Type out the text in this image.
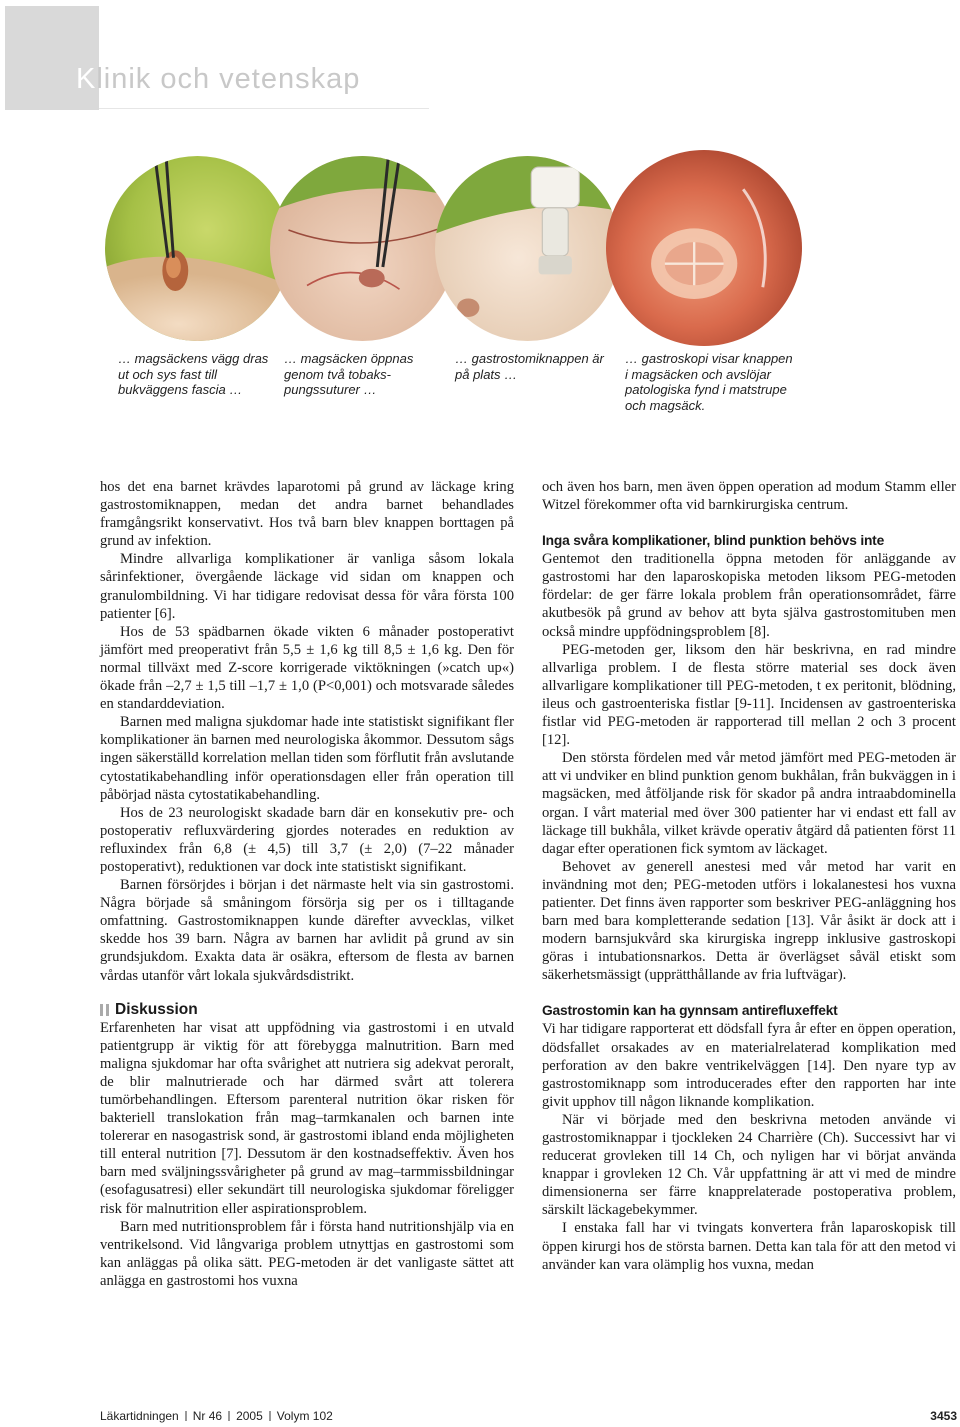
Klinik och vetenskap
… magsäckens vägg dras ut och sys fast till bukväggens fascia …
… magsäcken öppnas genom två tobaks-pungssuturer …
… gastrostomiknappen är på plats …
… gastroskopi visar knappen i magsäcken och avslöjar patologiska fynd i matstrupe och magsäck.

hos det ena barnet krävdes laparotomi på grund av läckage kring gastrostomiknappen, medan det andra barnet behandlades framgångsrikt konservativt. Hos två barn blev knappen borttagen på grund av infektion.

Mindre allvarliga komplikationer är vanliga såsom lokala sårinfektioner, övergående läckage vid sidan om knappen och granulombildning. Vi har tidigare redovisat dessa för våra första 100 patienter [6].

Hos de 53 spädbarnen ökade vikten 6 månader postoperativt jämfört med preoperativt från 5,5 ± 1,6 kg till 8,5 ± 1,6 kg. Den för normal tillväxt med Z-score korrigerade viktökningen (»catch up«) ökade från –2,7 ± 1,5 till –1,7 ± 1,0 (P<0,001) och motsvarade således en standarddeviation.

Barnen med maligna sjukdomar hade inte statistiskt signifikant fler komplikationer än barnen med neurologiska åkommor. Dessutom sågs ingen säkerställd korrelation mellan tiden som förflutit från avslutande cytostatikabehandling inför operationsdagen eller från operation till påbörjad nästa cytostatikabehandling.

Hos de 23 neurologiskt skadade barn där en konsekutiv pre- och postoperativ refluxvärdering gjordes noterades en reduktion av refluxindex från 6,8 (± 4,5) till 3,7 (± 2,0) (7–22 månader postoperativt), reduktionen var dock inte statistiskt signifikant.

Barnen försörjdes i början i det närmaste helt via sin gastrostomi. Några började så småningom försörja sig per os i tilltagande omfattning. Gastrostomiknappen kunde därefter avvecklas, vilket skedde hos 39 barn. Några av barnen har avlidit på grund av sin grundsjukdom. Exakta data är osäkra, eftersom de flesta av barnen vårdas utanför vårt lokala sjukvårdsdistrikt.

Diskussion

Erfarenheten har visat att uppfödning via gastrostomi i en utvald patientgrupp är viktig för att förebygga malnutrition. Barn med maligna sjukdomar har ofta svårighet att nutriera sig adekvat peroralt, de blir malnutrierade och har därmed svårt att tolerera tumörbehandlingen. Eftersom parenteral nutrition ökar risken för bakteriell translokation från mag–tarmkanalen och barnen inte tolererar en nasogastrisk sond, är gastrostomi ibland enda möjligheten till enteral nutrition [7]. Dessutom är den kostnadseffektiv. Även hos barn med sväljningssvårigheter på grund av mag–tarmmissbildningar (esofagusatresi) eller sekundärt till neurologiska sjukdomar föreligger risk för malnutrition eller aspirationsproblem.

Barn med nutritionsproblem får i första hand nutritionshjälp via en ventrikelsond. Vid långvariga problem utnyttjas en gastrostomi som kan anläggas på olika sätt. PEG-metoden är det vanligaste sättet att anlägga en gastrostomi hos vuxna

och även hos barn, men även öppen operation ad modum Stamm eller Witzel förekommer ofta vid barnkirurgiska centrum.

Inga svåra komplikationer, blind punktion behövs inte

Gentemot den traditionella öppna metoden för anläggande av gastrostomi har den laparoskopiska metoden liksom PEG-metoden fördelar: de ger färre lokala problem från operationsområdet, färre akutbesök på grund av behov att byta själva gastrostomituben men också mindre uppfödningsproblem [8].

PEG-metoden ger, liksom den här beskrivna, en rad mindre allvarliga problem. I de flesta större material ses dock även allvarligare komplikationer till PEG-metoden, t ex peritonit, blödning, ileus och gastroenteriska fistlar [9-11]. Incidensen av gastroenteriska fistlar vid PEG-metoden är rapporterad till mellan 2 och 3 procent [12].

Den största fördelen med vår metod jämfört med PEG-metoden är att vi undviker en blind punktion genom bukhålan, från bukväggen in i magsäcken, med åtföljande risk för skador på andra intraabdominella organ. I vårt material med över 300 patienter har vi endast ett fall av läckage till bukhåla, vilket krävde operativ åtgärd då patienten först 11 dagar efter operationen fick symtom av läckaget.

Behovet av generell anestesi med vår metod har varit en invändning mot den; PEG-metoden utförs i lokalanestesi hos vuxna patienter. Det finns även rapporter som beskriver PEG-anläggning hos barn med bara kompletterande sedation [13]. Vår åsikt är dock att i modern barnsjukvård ska kirurgiska ingrepp inklusive gastroskopi göras i intubationsnarkos. Detta är överlägset såväl etiskt som säkerhetsmässigt (upprätthållande av fria luftvägar).

Gastrostomin kan ha gynnsam antirefluxeffekt

Vi har tidigare rapporterat ett dödsfall fyra år efter en öppen operation, dödsfallet orsakades av en materialrelaterad komplikation med perforation av den bakre ventrikelväggen [14]. Den nyare typ av gastrostomiknapp som introducerades efter den rapporten har inte givit upphov till någon liknande komplikation.

När vi började med den beskrivna metoden använde vi gastrostomiknappar i tjockleken 24 Charrière (Ch). Successivt har vi reducerat grovleken till 14 Ch, och nyligen har vi börjat använda knappar i grovleken 12 Ch. Vår uppfattning är att vi med de mindre dimensionerna ser färre knapprelaterade postoperativa problem, särskilt läckagebekymmer.

I enstaka fall har vi tvingats konvertera från laparoskopisk till öppen kirurgi hos de största barnen. Detta kan tala för att den metod vi använder kan vara olämplig hos vuxna, medan

Läkartidningen Nr 46 2005 Volym 102	3453
